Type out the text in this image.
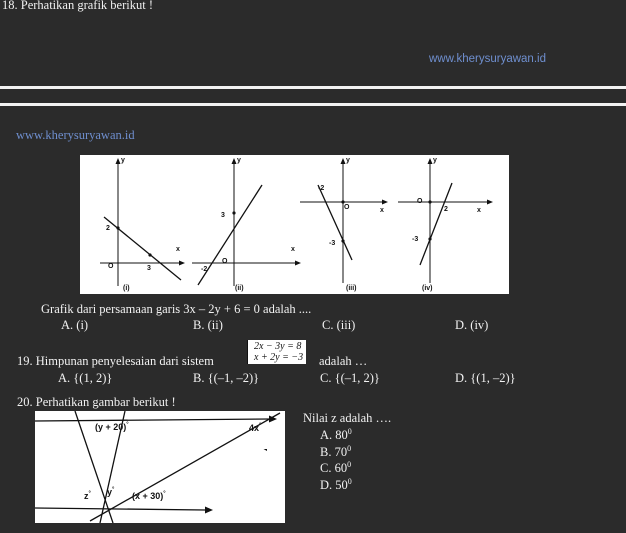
18. Perhatikan grafik berikut !
www.kherysuryawan.id
www.kherysuryawan.id
y
x
O
2
3
(i)
y
x
O
3
-2
(ii)
y
x
O
-2
-3
(iii)
y
x
O
2
-3
(iv)
Grafik dari persamaan garis 3x – 2y + 6 = 0 adalah ....
A. (i)	B. (ii)	C. (iii)	D. (iv)
19. Himpunan penyelesaian dari sistem
2x − 3y = 8
x + 2y = −3 adalah …
A. {(1, 2)}	B. {(–1, –2)}	C. {(–1, 2)}	D. {(1, –2)}
20. Perhatikan gambar berikut !
(y + 20)°	4x°
y°
z°	(x + 30)°
Nilai z adalah ….
A. $80^0$
B. $70^0$
C. $60^0$
D. $50^0$
